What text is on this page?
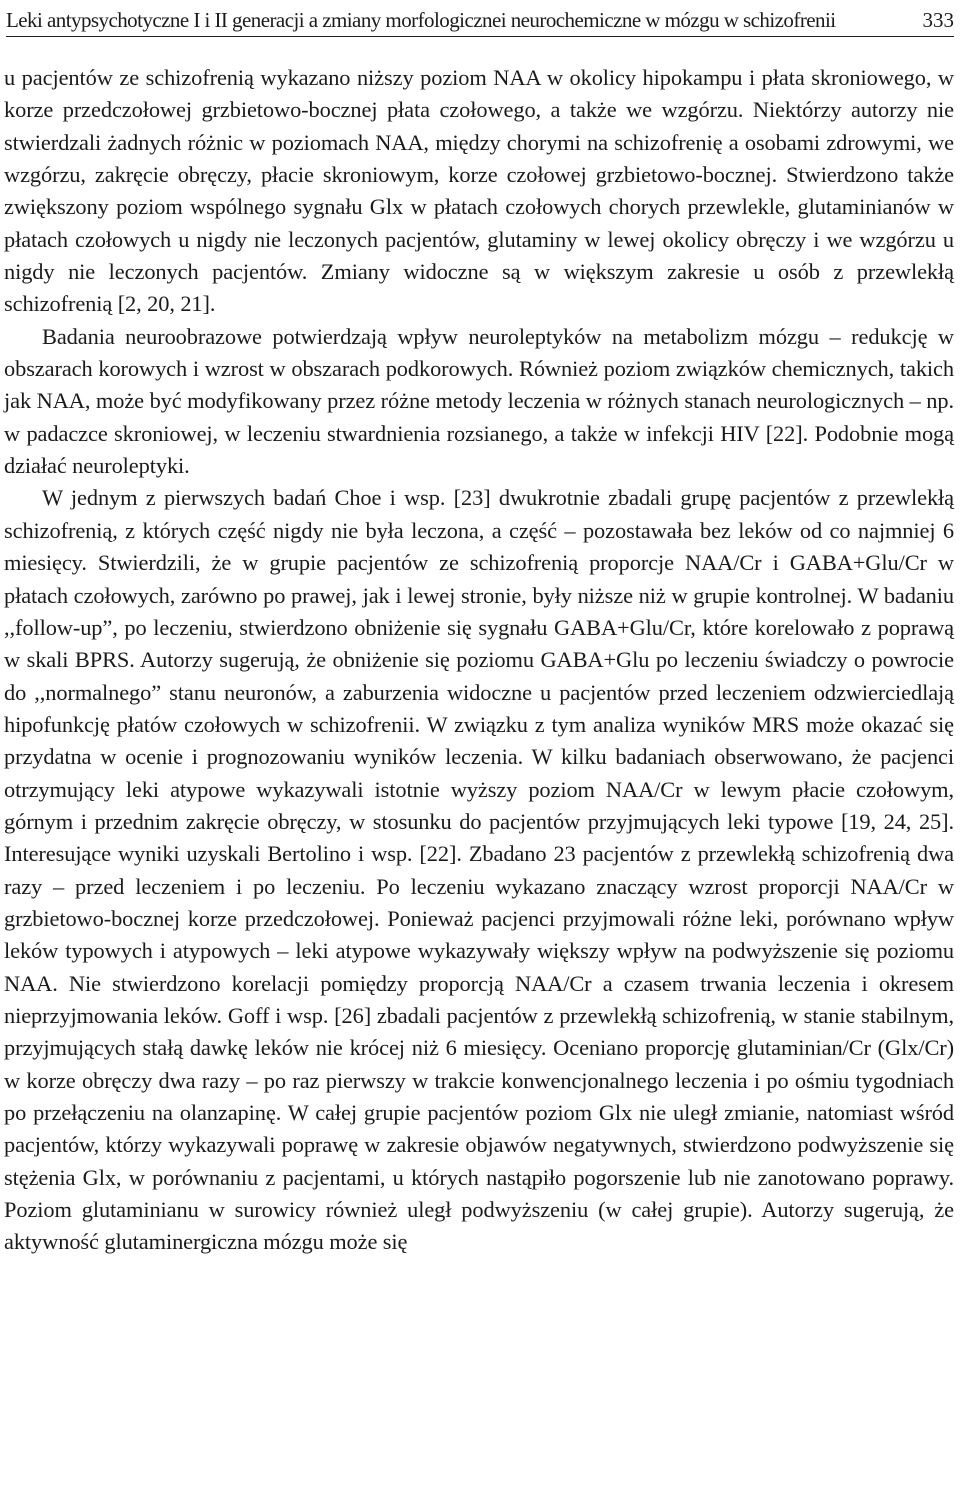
Leki antypsychotyczne I i II generacji a zmiany morfologicznei neurochemiczne w mózgu w schizofrenii	333

u pacjentów ze schizofrenią wykazano niższy poziom NAA w okolicy hipokampu i płata skroniowego, w korze przedczołowej grzbietowo-bocznej płata czołowego, a także we wzgórzu. Niektórzy autorzy nie stwierdzali żadnych różnic w poziomach NAA, między chorymi na schizofrenię a osobami zdrowymi, we wzgórzu, zakręcie obręczy, płacie skroniowym, korze czołowej grzbietowo-bocznej. Stwierdzono także zwiększony poziom wspólnego sygnału Glx w płatach czołowych chorych przewlekle, glutaminianów w płatach czołowych u nigdy nie leczonych pacjentów, glutaminy w lewej okolicy obręczy i we wzgórzu u nigdy nie leczonych pacjentów. Zmiany widoczne są w większym zakresie u osób z przewlekłą schizofrenią [2, 20, 21].

Badania neuroobrazowe potwierdzają wpływ neuroleptyków na metabolizm mózgu – redukcję w obszarach korowych i wzrost w obszarach podkorowych. Również poziom związków chemicznych, takich jak NAA, może być modyfikowany przez różne metody leczenia w różnych stanach neurologicznych – np. w padaczce skroniowej, w leczeniu stwardnienia rozsianego, a także w infekcji HIV [22]. Podobnie mogą działać neuroleptyki.

W jednym z pierwszych badań Choe i wsp. [23] dwukrotnie zbadali grupę pacjentów z przewlekłą schizofrenią, z których część nigdy nie była leczona, a część – pozostawała bez leków od co najmniej 6 miesięcy. Stwierdzili, że w grupie pacjentów ze schizofrenią proporcje NAA/Cr i GABA+Glu/Cr w płatach czołowych, zarówno po prawej, jak i lewej stronie, były niższe niż w grupie kontrolnej. W badaniu ,,follow-up”, po leczeniu, stwierdzono obniżenie się sygnału GABA+Glu/Cr, które korelowało z poprawą w skali BPRS. Autorzy sugerują, że obniżenie się poziomu GABA+Glu po leczeniu świadczy o powrocie do ,,normalnego” stanu neuronów, a zaburzenia widoczne u pacjentów przed leczeniem odzwierciedlają hipofunkcję płatów czołowych w schizofrenii. W związku z tym analiza wyników MRS może okazać się przydatna w ocenie i prognozowaniu wyników leczenia. W kilku badaniach obserwowano, że pacjenci otrzymujący leki atypowe wykazywali istotnie wyższy poziom NAA/Cr w lewym płacie czołowym, górnym i przednim zakręcie obręczy, w stosunku do pacjentów przyjmujących leki typowe [19, 24, 25]. Interesujące wyniki uzyskali Bertolino i wsp. [22]. Zbadano 23 pacjentów z przewlekłą schizofrenią dwa razy – przed leczeniem i po leczeniu. Po leczeniu wykazano znaczący wzrost proporcji NAA/Cr w grzbietowo-bocznej korze przedczołowej. Ponieważ pacjenci przyjmowali różne leki, porównano wpływ leków typowych i atypowych – leki atypowe wykazywały większy wpływ na podwyższenie się poziomu NAA. Nie stwierdzono korelacji pomiędzy proporcją NAA/Cr a czasem trwania leczenia i okresem nieprzyjmowania leków. Goff i wsp. [26] zbadali pacjentów z przewlekłą schizofrenią, w stanie stabilnym, przyjmujących stałą dawkę leków nie krócej niż 6 miesięcy. Oceniano proporcję glutaminian/Cr (Glx/Cr) w korze obręczy dwa razy – po raz pierwszy w trakcie konwencjonalnego leczenia i po ośmiu tygodniach po przełączeniu na olanzapinę. W całej grupie pacjentów poziom Glx nie uległ zmianie, natomiast wśród pacjentów, którzy wykazywali poprawę w zakresie objawów negatywnych, stwierdzono podwyższenie się stężenia Glx, w porównaniu z pacjentami, u których nastąpiło pogorszenie lub nie zanotowano poprawy. Poziom glutaminianu w surowicy również uległ podwyższeniu (w całej grupie). Autorzy sugerują, że aktywność glutaminergiczna mózgu może się
